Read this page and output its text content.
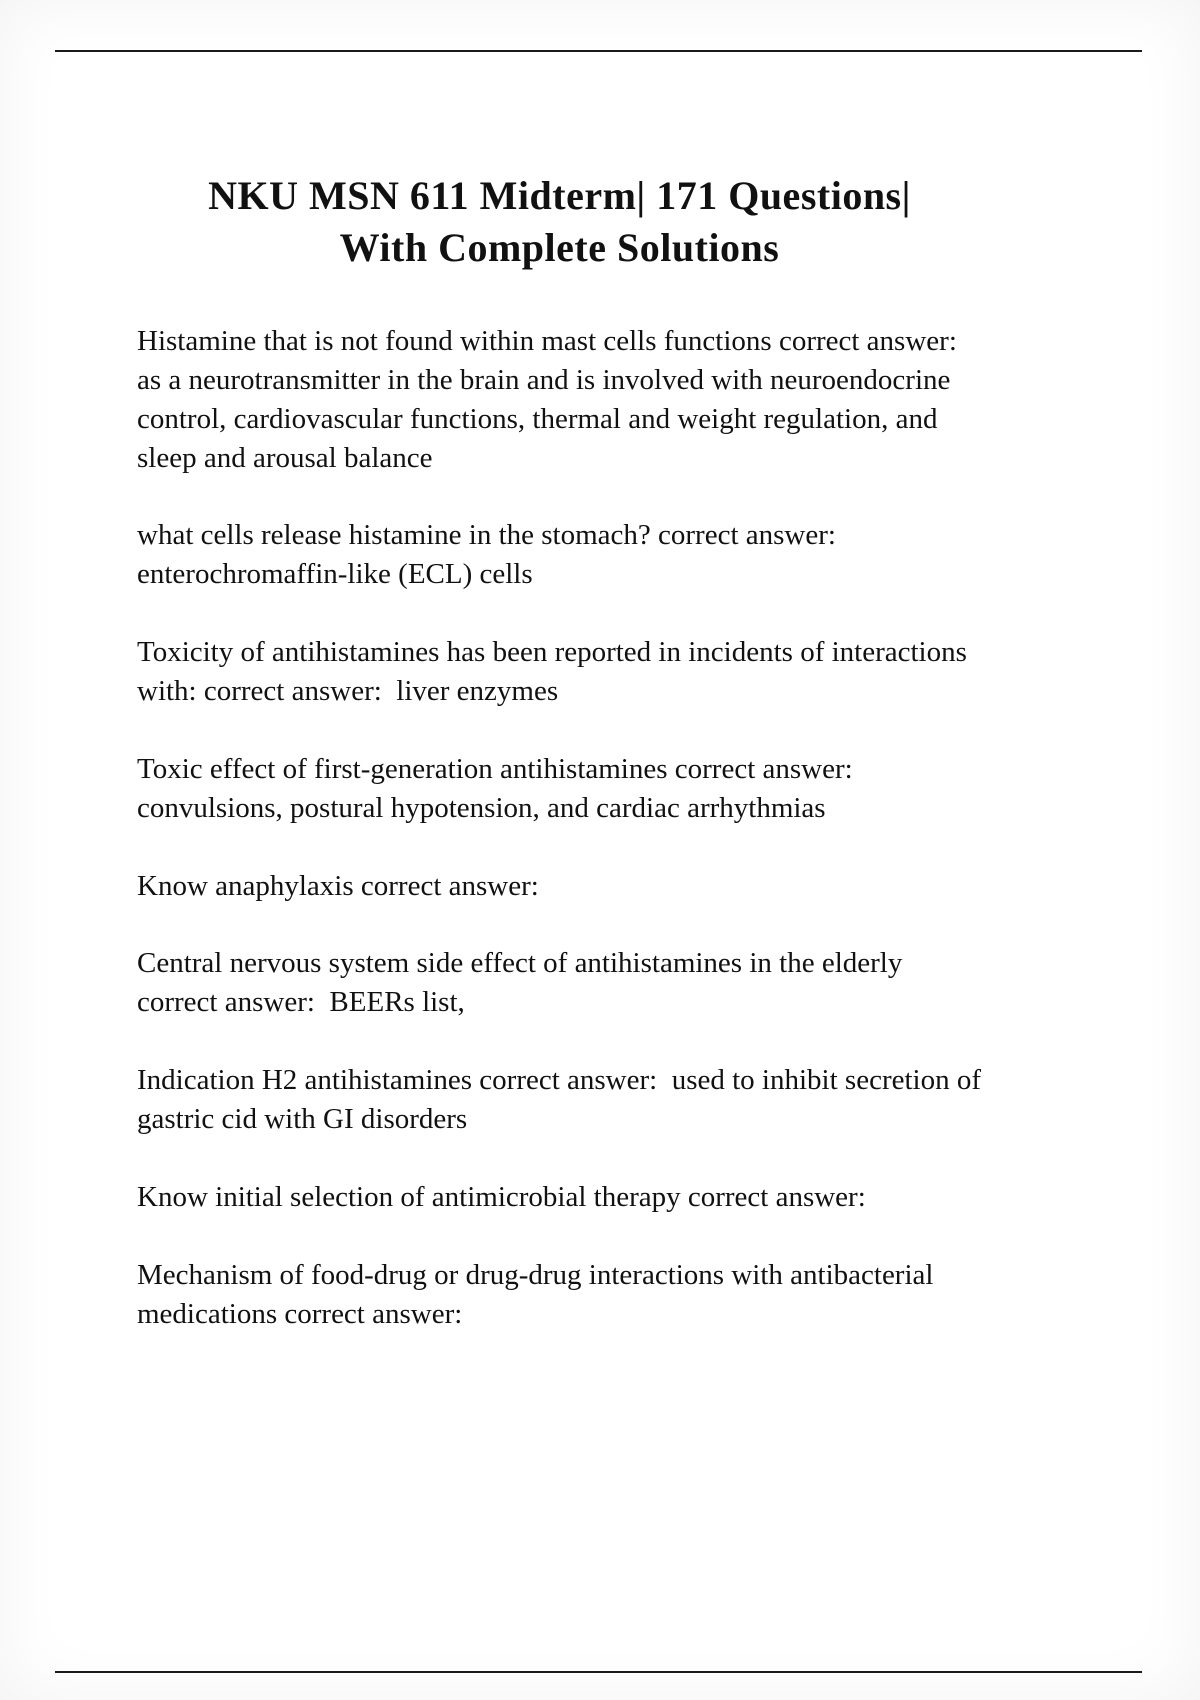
NKU MSN 611 Midterm| 171 Questions|
With Complete Solutions

Histamine that is not found within mast cells functions correct answer:  as a neurotransmitter in the brain and is involved with neuroendocrine control, cardiovascular functions, thermal and weight regulation, and sleep and arousal balance

what cells release histamine in the stomach? correct answer: enterochromaffin-like (ECL) cells

Toxicity of antihistamines has been reported in incidents of interactions with: correct answer:  liver enzymes

Toxic effect of first-generation antihistamines correct answer: convulsions, postural hypotension, and cardiac arrhythmias

Know anaphylaxis correct answer:

Central nervous system side effect of antihistamines in the elderly correct answer:  BEERs list,

Indication H2 antihistamines correct answer:  used to inhibit secretion of gastric cid with GI disorders

Know initial selection of antimicrobial therapy correct answer:

Mechanism of food-drug or drug-drug interactions with antibacterial medications correct answer:
